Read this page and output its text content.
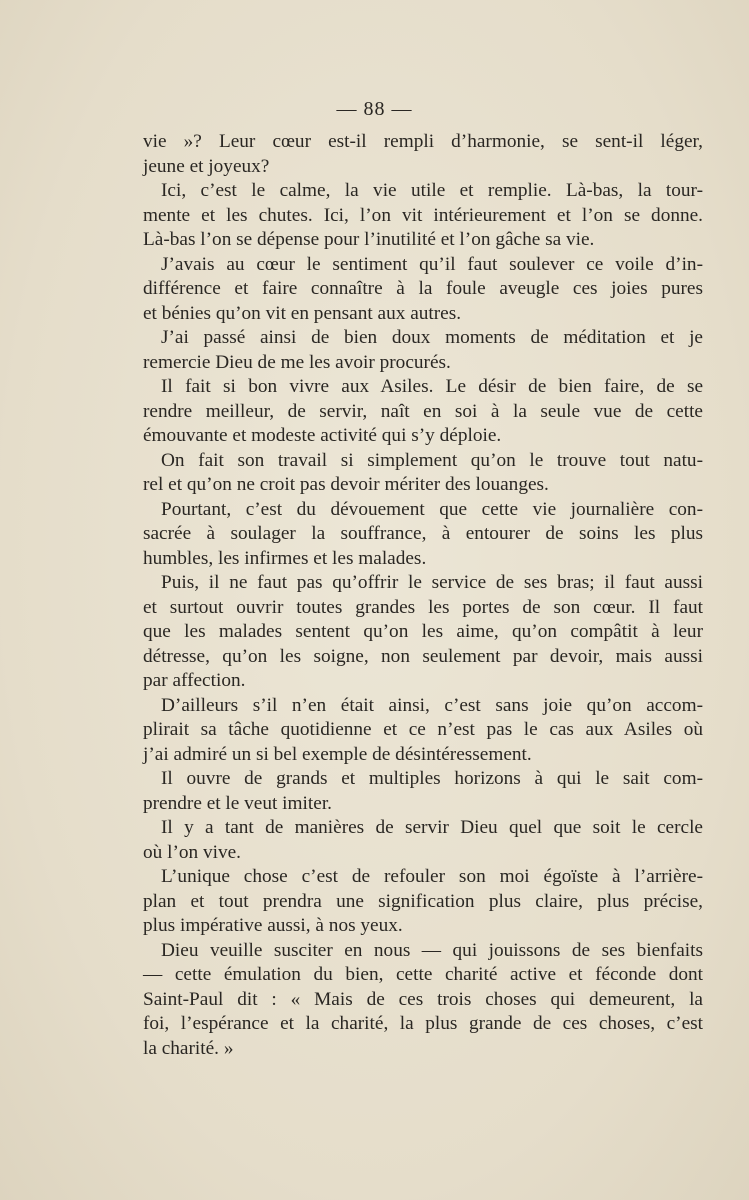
— 88 —
vie »? Leur cœur est-il rempli d’harmonie, se sent-il léger,
jeune et joyeux?
Ici, c’est le calme, la vie utile et remplie. Là-bas, la tour-
mente et les chutes. Ici, l’on vit intérieurement et l’on se donne.
Là-bas l’on se dépense pour l’inutilité et l’on gâche sa vie.
J’avais au cœur le sentiment qu’il faut soulever ce voile d’in-
différence et faire connaître à la foule aveugle ces joies pures
et bénies qu’on vit en pensant aux autres.
J’ai passé ainsi de bien doux moments de méditation et je
remercie Dieu de me les avoir procurés.
Il fait si bon vivre aux Asiles. Le désir de bien faire, de se
rendre meilleur, de servir, naît en soi à la seule vue de cette
émouvante et modeste activité qui s’y déploie.
On fait son travail si simplement qu’on le trouve tout natu-
rel et qu’on ne croit pas devoir mériter des louanges.
Pourtant, c’est du dévouement que cette vie journalière con-
sacrée à soulager la souffrance, à entourer de soins les plus
humbles, les infirmes et les malades.
Puis, il ne faut pas qu’offrir le service de ses bras; il faut aussi
et surtout ouvrir toutes grandes les portes de son cœur. Il faut
que les malades sentent qu’on les aime, qu’on compâtit à leur
détresse, qu’on les soigne, non seulement par devoir, mais aussi
par affection.
D’ailleurs s’il n’en était ainsi, c’est sans joie qu’on accom-
plirait sa tâche quotidienne et ce n’est pas le cas aux Asiles où
j’ai admiré un si bel exemple de désintéressement.
Il ouvre de grands et multiples horizons à qui le sait com-
prendre et le veut imiter.
Il y a tant de manières de servir Dieu quel que soit le cercle
où l’on vive.
L’unique chose c’est de refouler son moi égoïste à l’arrière-
plan et tout prendra une signification plus claire, plus précise,
plus impérative aussi, à nos yeux.
Dieu veuille susciter en nous — qui jouissons de ses bienfaits
— cette émulation du bien, cette charité active et féconde dont
Saint-Paul dit : « Mais de ces trois choses qui demeurent, la
foi, l’espérance et la charité, la plus grande de ces choses, c’est
la charité. »
